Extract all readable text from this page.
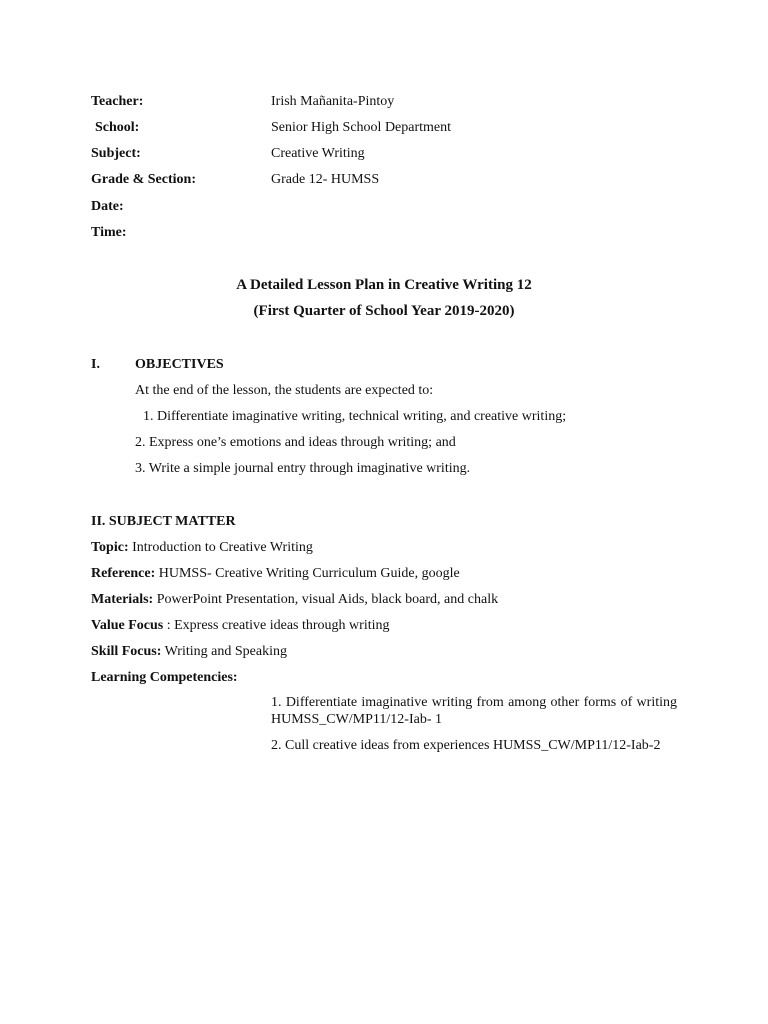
Teacher:	Irish Mañanita-Pintoy
School:	Senior High School Department
Subject:	Creative Writing
Grade & Section:	Grade 12- HUMSS
Date:
Time:
A Detailed Lesson Plan in Creative Writing 12
(First Quarter of School Year 2019-2020)
I.	OBJECTIVES
At the end of the lesson, the students are expected to:
1. Differentiate imaginative writing, technical writing, and creative writing;
2. Express one’s emotions and ideas through writing; and
3. Write a simple journal entry through imaginative writing.
II. SUBJECT MATTER
Topic: Introduction to Creative Writing
Reference: HUMSS- Creative Writing Curriculum Guide, google
Materials: PowerPoint Presentation, visual Aids, black board, and chalk
Value Focus : Express creative ideas through writing
Skill Focus: Writing and Speaking
Learning Competencies:
1. Differentiate imaginative writing from among other forms of writing HUMSS_CW/MP11/12-Iab- 1
2. Cull creative ideas from experiences HUMSS_CW/MP11/12-Iab-2
